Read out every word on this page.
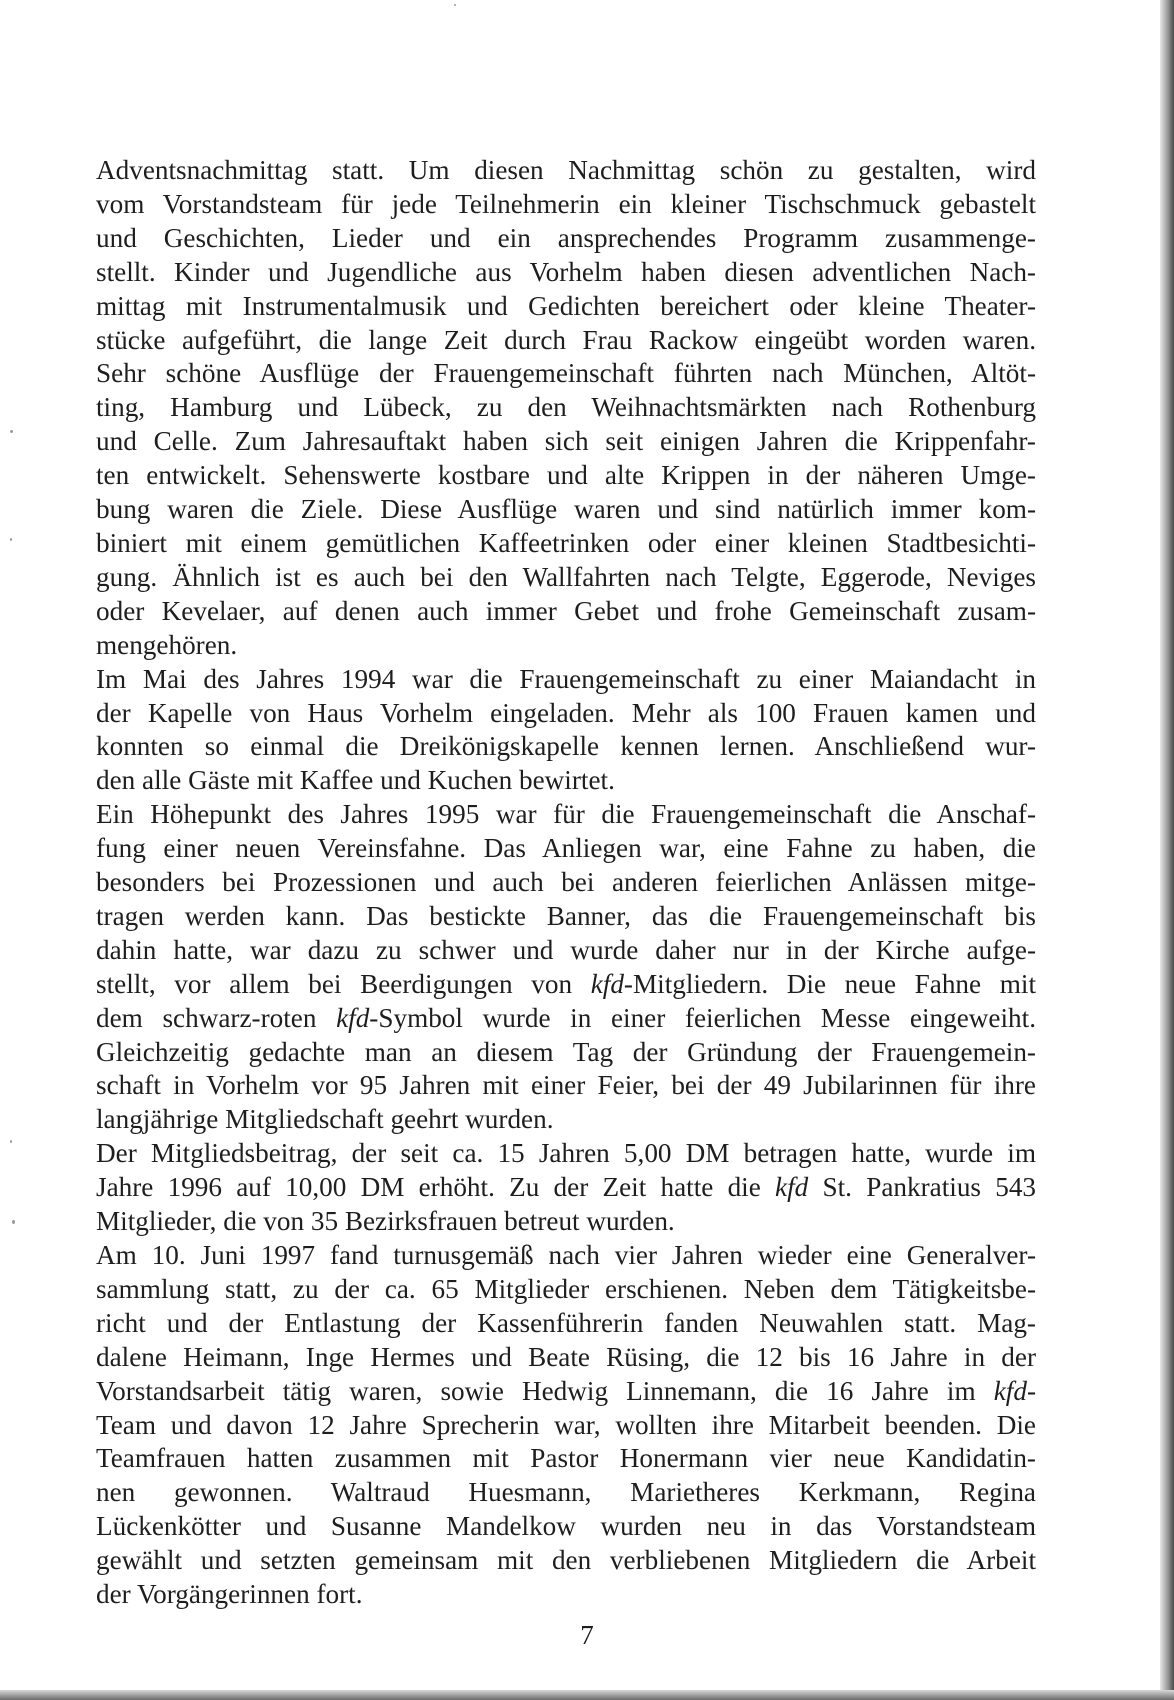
Adventsnachmittag statt. Um diesen Nachmittag schön zu gestalten, wird
vom Vorstandsteam für jede Teilnehmerin ein kleiner Tischschmuck gebastelt
und Geschichten, Lieder und ein ansprechendes Programm zusammenge-
stellt. Kinder und Jugendliche aus Vorhelm haben diesen adventlichen Nach-
mittag mit Instrumentalmusik und Gedichten bereichert oder kleine Theater-
stücke aufgeführt, die lange Zeit durch Frau Rackow eingeübt worden waren.
Sehr schöne Ausflüge der Frauengemeinschaft führten nach München, Altöt-
ting, Hamburg und Lübeck, zu den Weihnachtsmärkten nach Rothenburg
und Celle. Zum Jahresauftakt haben sich seit einigen Jahren die Krippenfahr-
ten entwickelt. Sehenswerte kostbare und alte Krippen in der näheren Umge-
bung waren die Ziele. Diese Ausflüge waren und sind natürlich immer kom-
biniert mit einem gemütlichen Kaffeetrinken oder einer kleinen Stadtbesichti-
gung. Ähnlich ist es auch bei den Wallfahrten nach Telgte, Eggerode, Neviges
oder Kevelaer, auf denen auch immer Gebet und frohe Gemeinschaft zusam-
mengehören.

Im Mai des Jahres 1994 war die Frauengemeinschaft zu einer Maiandacht in
der Kapelle von Haus Vorhelm eingeladen. Mehr als 100 Frauen kamen und
konnten so einmal die Dreikönigskapelle kennen lernen. Anschließend wur-
den alle Gäste mit Kaffee und Kuchen bewirtet.

Ein Höhepunkt des Jahres 1995 war für die Frauengemeinschaft die Anschaf-
fung einer neuen Vereinsfahne. Das Anliegen war, eine Fahne zu haben, die
besonders bei Prozessionen und auch bei anderen feierlichen Anlässen mitge-
tragen werden kann. Das bestickte Banner, das die Frauengemeinschaft bis
dahin hatte, war dazu zu schwer und wurde daher nur in der Kirche aufge-
stellt, vor allem bei Beerdigungen von kfd-Mitgliedern. Die neue Fahne mit
dem schwarz-roten kfd-Symbol wurde in einer feierlichen Messe eingeweiht.
Gleichzeitig gedachte man an diesem Tag der Gründung der Frauengemein-
schaft in Vorhelm vor 95 Jahren mit einer Feier, bei der 49 Jubilarinnen für ihre
langjährige Mitgliedschaft geehrt wurden.

Der Mitgliedsbeitrag, der seit ca. 15 Jahren 5,00 DM betragen hatte, wurde im
Jahre 1996 auf 10,00 DM erhöht. Zu der Zeit hatte die kfd St. Pankratius 543
Mitglieder, die von 35 Bezirksfrauen betreut wurden.

Am 10. Juni 1997 fand turnusgemäß nach vier Jahren wieder eine Generalver-
sammlung statt, zu der ca. 65 Mitglieder erschienen. Neben dem Tätigkeitsbe-
richt und der Entlastung der Kassenführerin fanden Neuwahlen statt. Mag-
dalene Heimann, Inge Hermes und Beate Rüsing, die 12 bis 16 Jahre in der
Vorstandsarbeit tätig waren, sowie Hedwig Linnemann, die 16 Jahre im kfd-
Team und davon 12 Jahre Sprecherin war, wollten ihre Mitarbeit beenden. Die
Teamfrauen hatten zusammen mit Pastor Honermann vier neue Kandidatin-
nen gewonnen. Waltraud Huesmann, Marietheres Kerkmann, Regina
Lückenkötter und Susanne Mandelkow wurden neu in das Vorstandsteam
gewählt und setzten gemeinsam mit den verbliebenen Mitgliedern die Arbeit
der Vorgängerinnen fort.

7
